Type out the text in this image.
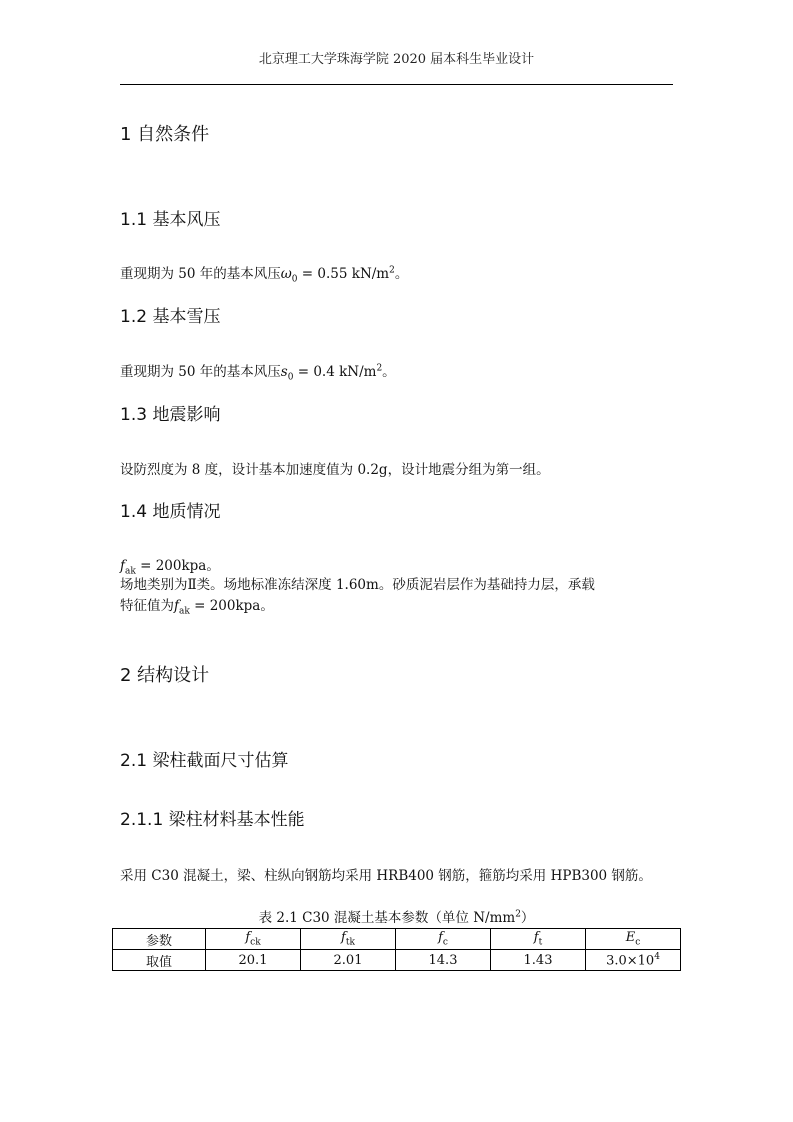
北京理工大学珠海学院 2020 届本科生毕业设计
1 自然条件
1.1 基本风压
重现期为 50 年的基本风压$\omega_0 = 0.55$ $kN/m^2$。
1.2 基本雪压
重现期为 50 年的基本风压$s_0 = 0.4$ $kN/m^2$。
1.3 地震影响
设防烈度为 8 度，设计基本加速度值为 0.2g，设计地震分组为第一组。
1.4 地质情况
$f_{ak} = 200kpa$。
场地类别为Ⅱ类。场地标准冻结深度 1.60m。砂质泥岩层作为基础持力层，承载
特征值为$f_{ak} = 200kpa$。
2 结构设计
2.1 梁柱截面尺寸估算
2.1.1 梁柱材料基本性能
采用 C30 混凝土，梁、柱纵向钢筋均采用 HRB400 钢筋，箍筋均采用 HPB300 钢筋。
表 2.1 C30 混凝土基本参数（单位 $N/mm^2$）
参数	$f_{ck}$	$f_{tk}$	$f_c$	$f_t$	$E_c$
取值	20.1	2.01	14.3	1.43	$3.0\times 10^4$
